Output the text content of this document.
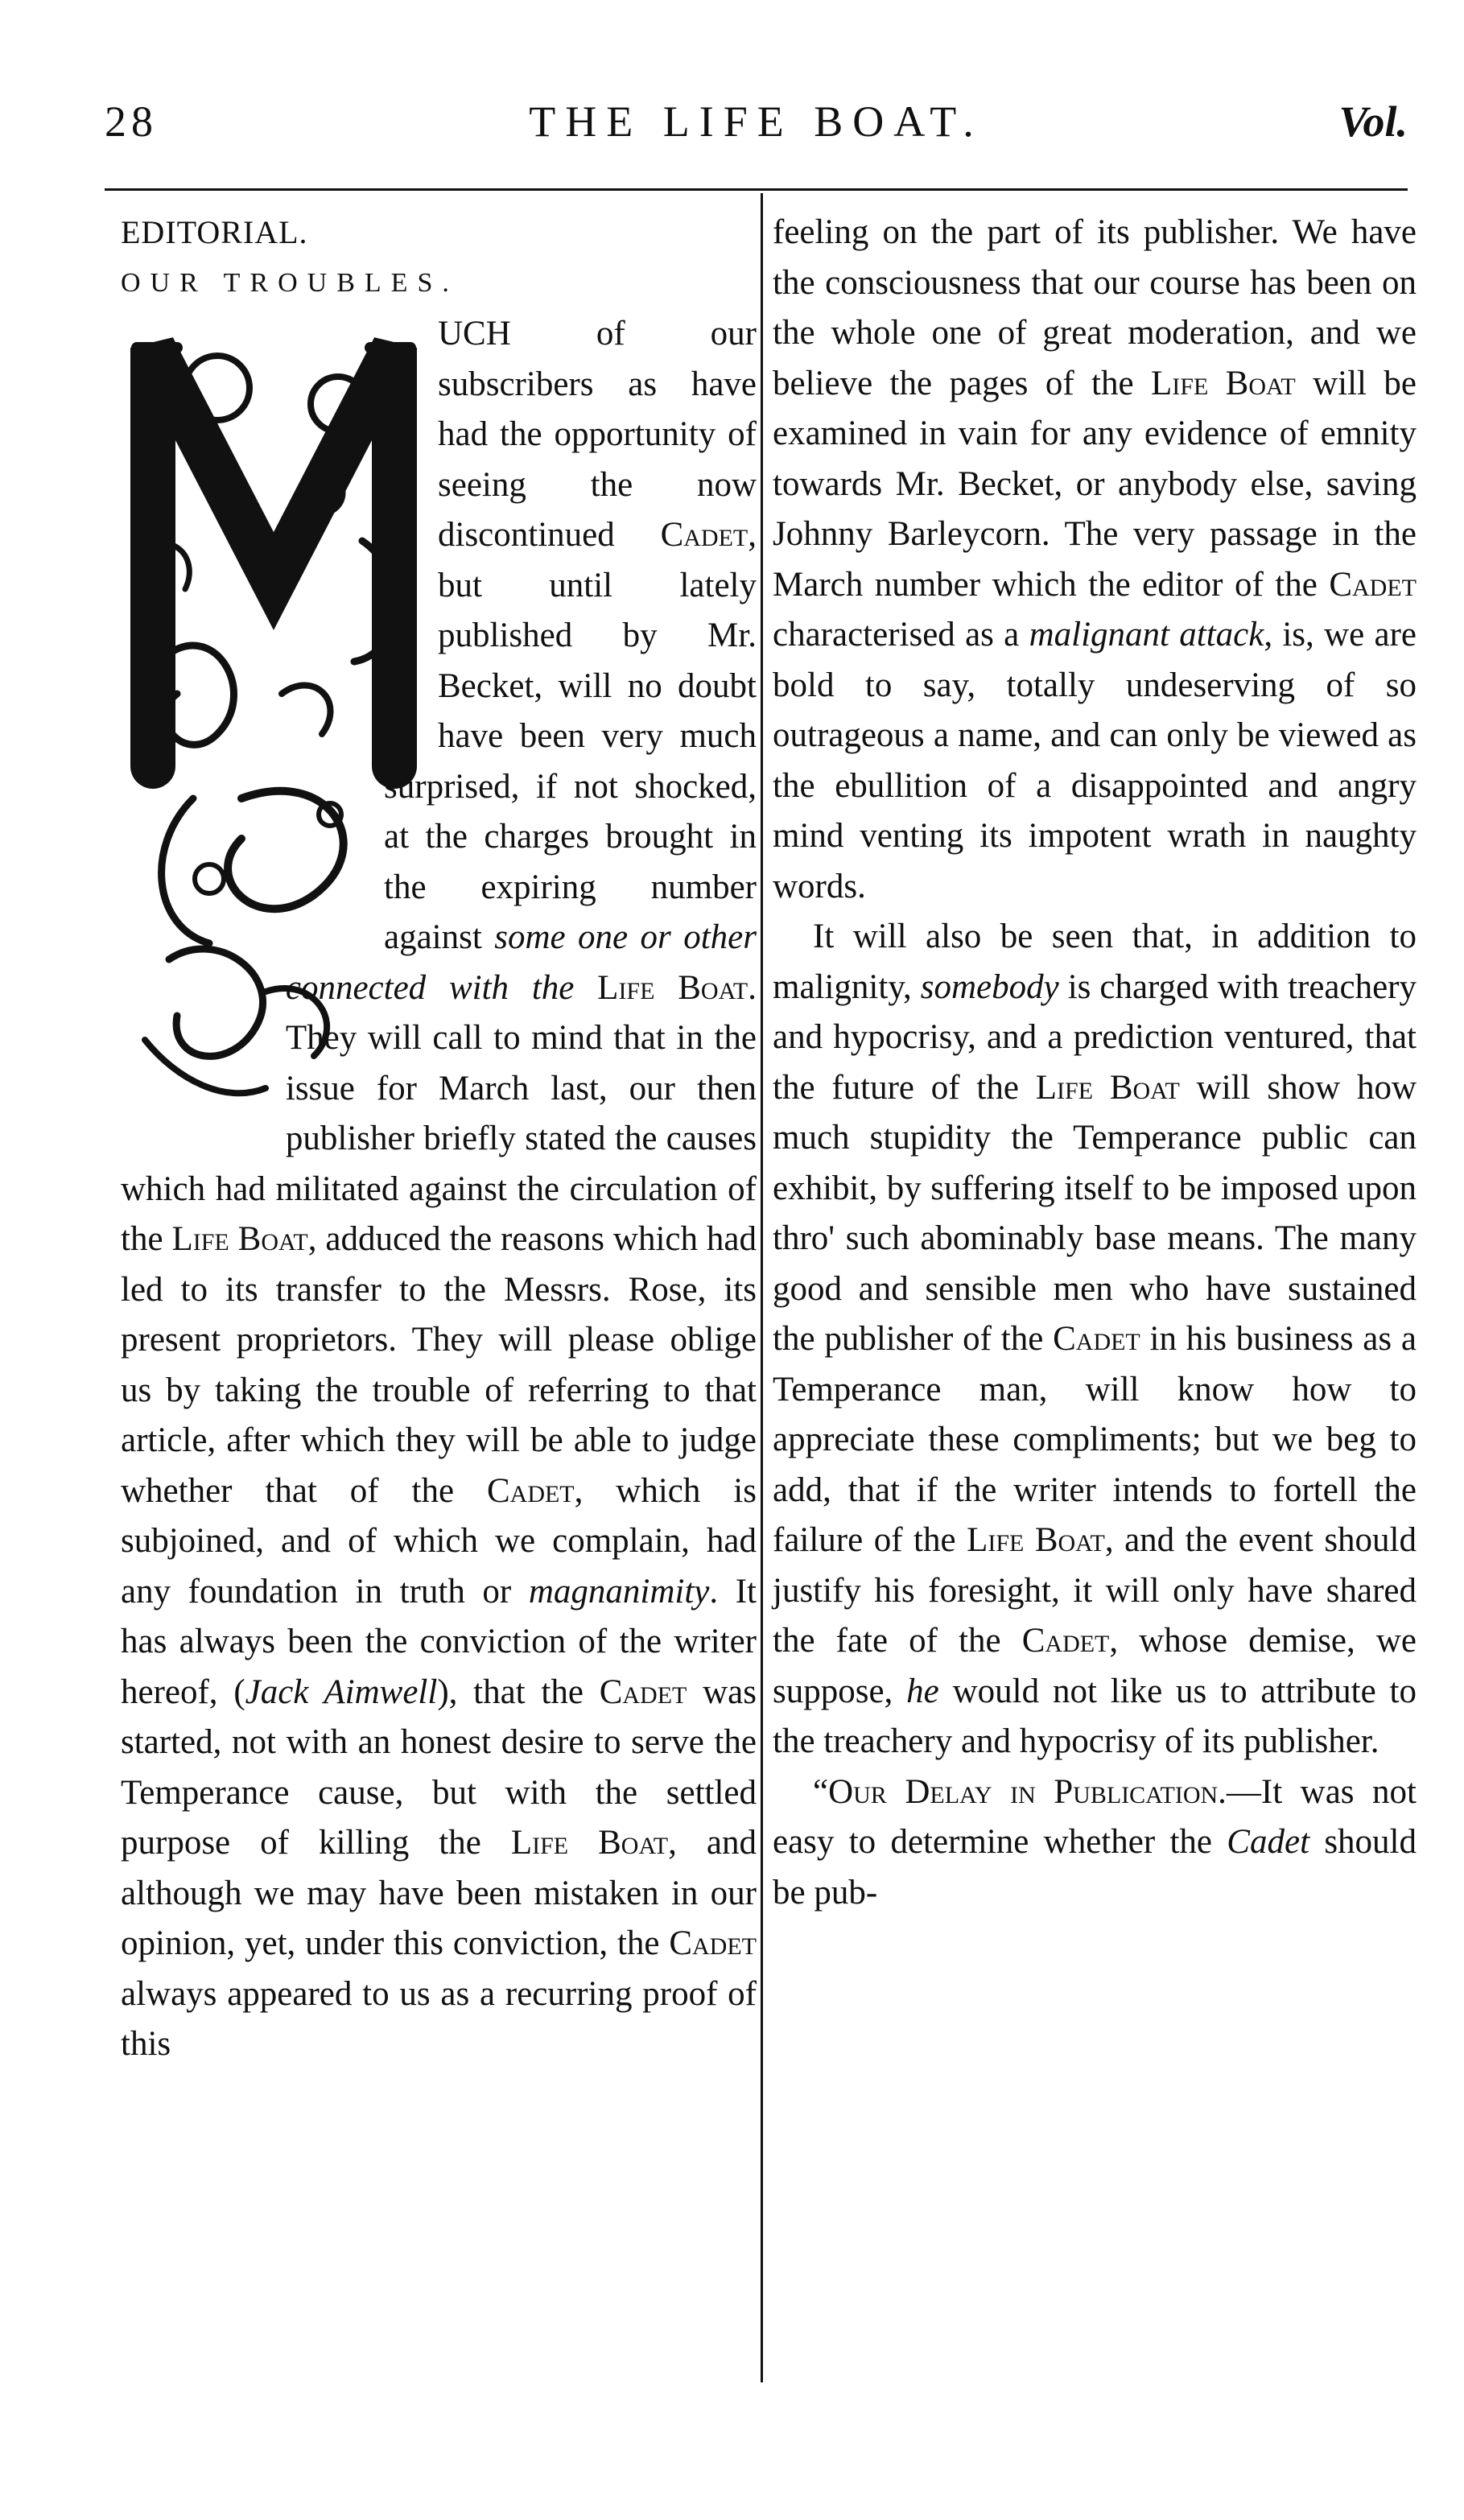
28	THE LIFE BOAT.	Vol.

EDITORIAL.

OUR TROUBLES.

UCH of our subscribers as have had the opportunity of seeing the now discontinued Cadet, but until lately published by Mr. Becket, will no doubt have been very much surprised, if not shocked, at the charges brought in the expiring number against some one or other connected with the Life Boat. They will call to mind that in the issue for March last, our then publisher briefly stated the causes which had militated against the circulation of the Life Boat, adduced the reasons which had led to its transfer to the Messrs. Rose, its present proprietors. They will please oblige us by taking the trouble of referring to that article, after which they will be able to judge whether that of the Cadet, which is subjoined, and of which we complain, had any foundation in truth or magnanimity. It has always been the conviction of the writer hereof, (Jack Aimwell), that the Cadet was started, not with an honest desire to serve the Temperance cause, but with the settled purpose of killing the Life Boat, and although we may have been mistaken in our opinion, yet, under this conviction, the Cadet always appeared to us as a recurring proof of this

feeling on the part of its publisher. We have the consciousness that our course has been on the whole one of great moderation, and we believe the pages of the Life Boat will be examined in vain for any evidence of emnity towards Mr. Becket, or anybody else, saving Johnny Barleycorn. The very passage in the March number which the editor of the Cadet characterised as a malignant attack, is, we are bold to say, totally undeserving of so outrageous a name, and can only be viewed as the ebullition of a disappointed and angry mind venting its impotent wrath in naughty words.

It will also be seen that, in addition to malignity, somebody is charged with treachery and hypocrisy, and a prediction ventured, that the future of the Life Boat will show how much stupidity the Temperance public can exhibit, by suffering itself to be imposed upon thro' such abominably base means. The many good and sensible men who have sustained the publisher of the Cadet in his business as a Temperance man, will know how to appreciate these compliments; but we beg to add, that if the writer intends to fortell the failure of the Life Boat, and the event should justify his foresight, it will only have shared the fate of the Cadet, whose demise, we suppose, he would not like us to attribute to the treachery and hypocrisy of its publisher.

“Our Delay in Publication.—It was not easy to determine whether the Cadet should be pub-
